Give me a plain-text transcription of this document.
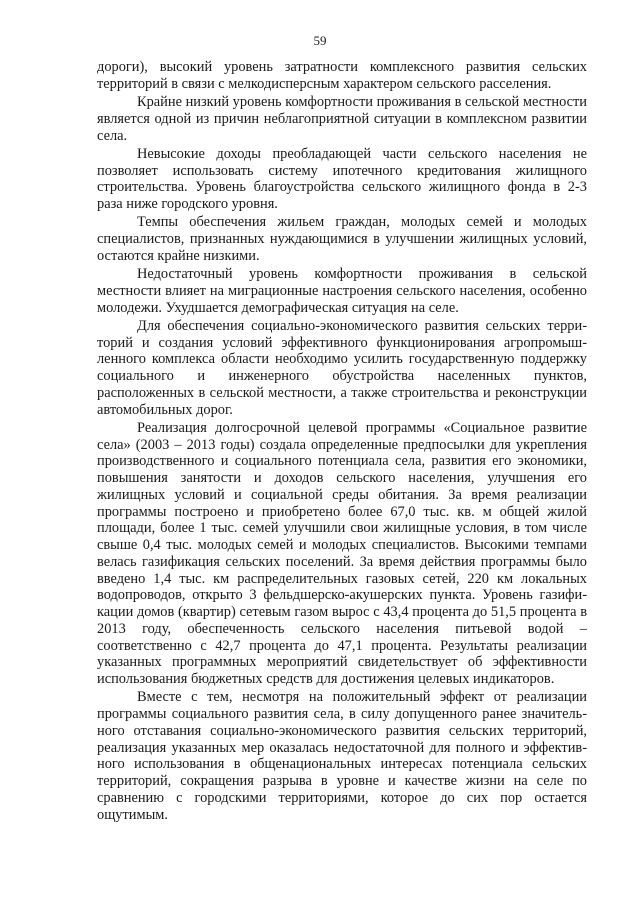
59

дороги), высокий уровень затратности комплексного развития сельских территорий в связи с мелкодисперсным характером сельского расселения.

Крайне низкий уровень комфортности проживания в сельской местности является одной из причин неблагоприятной ситуации в комплексном развитии села.

Невысокие доходы преобладающей части сельского населения не позволяет использовать систему ипотечного кредитования жилищного строительства. Уровень благоустройства сельского жилищного фонда в 2-3 раза ниже городского уровня.

Темпы обеспечения жильем граждан, молодых семей и молодых специалистов, признанных нуждающимися в улучшении жилищных условий, остаются крайне низкими.

Недостаточный уровень комфортности проживания в сельской местности влияет на миграционные настроения сельского населения, особенно молодежи. Ухудшается демографическая ситуация на селе.

Для обеспечения социально-экономического развития сельских территорий и создания условий эффективного функционирования агропромышленного комплекса области необходимо усилить государственную поддержку социального и инженерного обустройства населенных пунктов, расположенных в сельской местности, а также строительства и реконструкции автомобильных дорог.

Реализация долгосрочной целевой программы «Социальное развитие села» (2003 – 2013 годы) создала определенные предпосылки для укрепления производственного и социального потенциала села, развития его экономики, повышения занятости и доходов сельского населения, улучшения его жилищных условий и социальной среды обитания. За время реализации программы построено и приобретено более 67,0 тыс. кв. м общей жилой площади, более 1 тыс. семей улучшили свои жилищные условия, в том числе свыше 0,4 тыс. молодых семей и молодых специалистов. Высокими темпами велась газификация сельских поселений. За время действия программы было введено 1,4 тыс. км распределительных газовых сетей, 220 км локальных водопроводов, открыто 3 фельдшерско-акушерских пункта. Уровень газификации домов (квартир) сетевым газом вырос с 43,4 процента до 51,5 процента в 2013 году, обеспеченность сельского населения питьевой водой – соответственно с 42,7 процента до 47,1 процента. Результаты реализации указанных программных мероприятий свидетельствует об эффективности использования бюджетных средств для достижения целевых индикаторов.

Вместе с тем, несмотря на положительный эффект от реализации программы социального развития села, в силу допущенного ранее значительного отставания социально-экономического развития сельских территорий, реализация указанных мер оказалась недостаточной для полного и эффективного использования в общенациональных интересах потенциала сельских территорий, сокращения разрыва в уровне и качестве жизни на селе по сравнению с городскими территориями, которое до сих пор остается ощутимым.
